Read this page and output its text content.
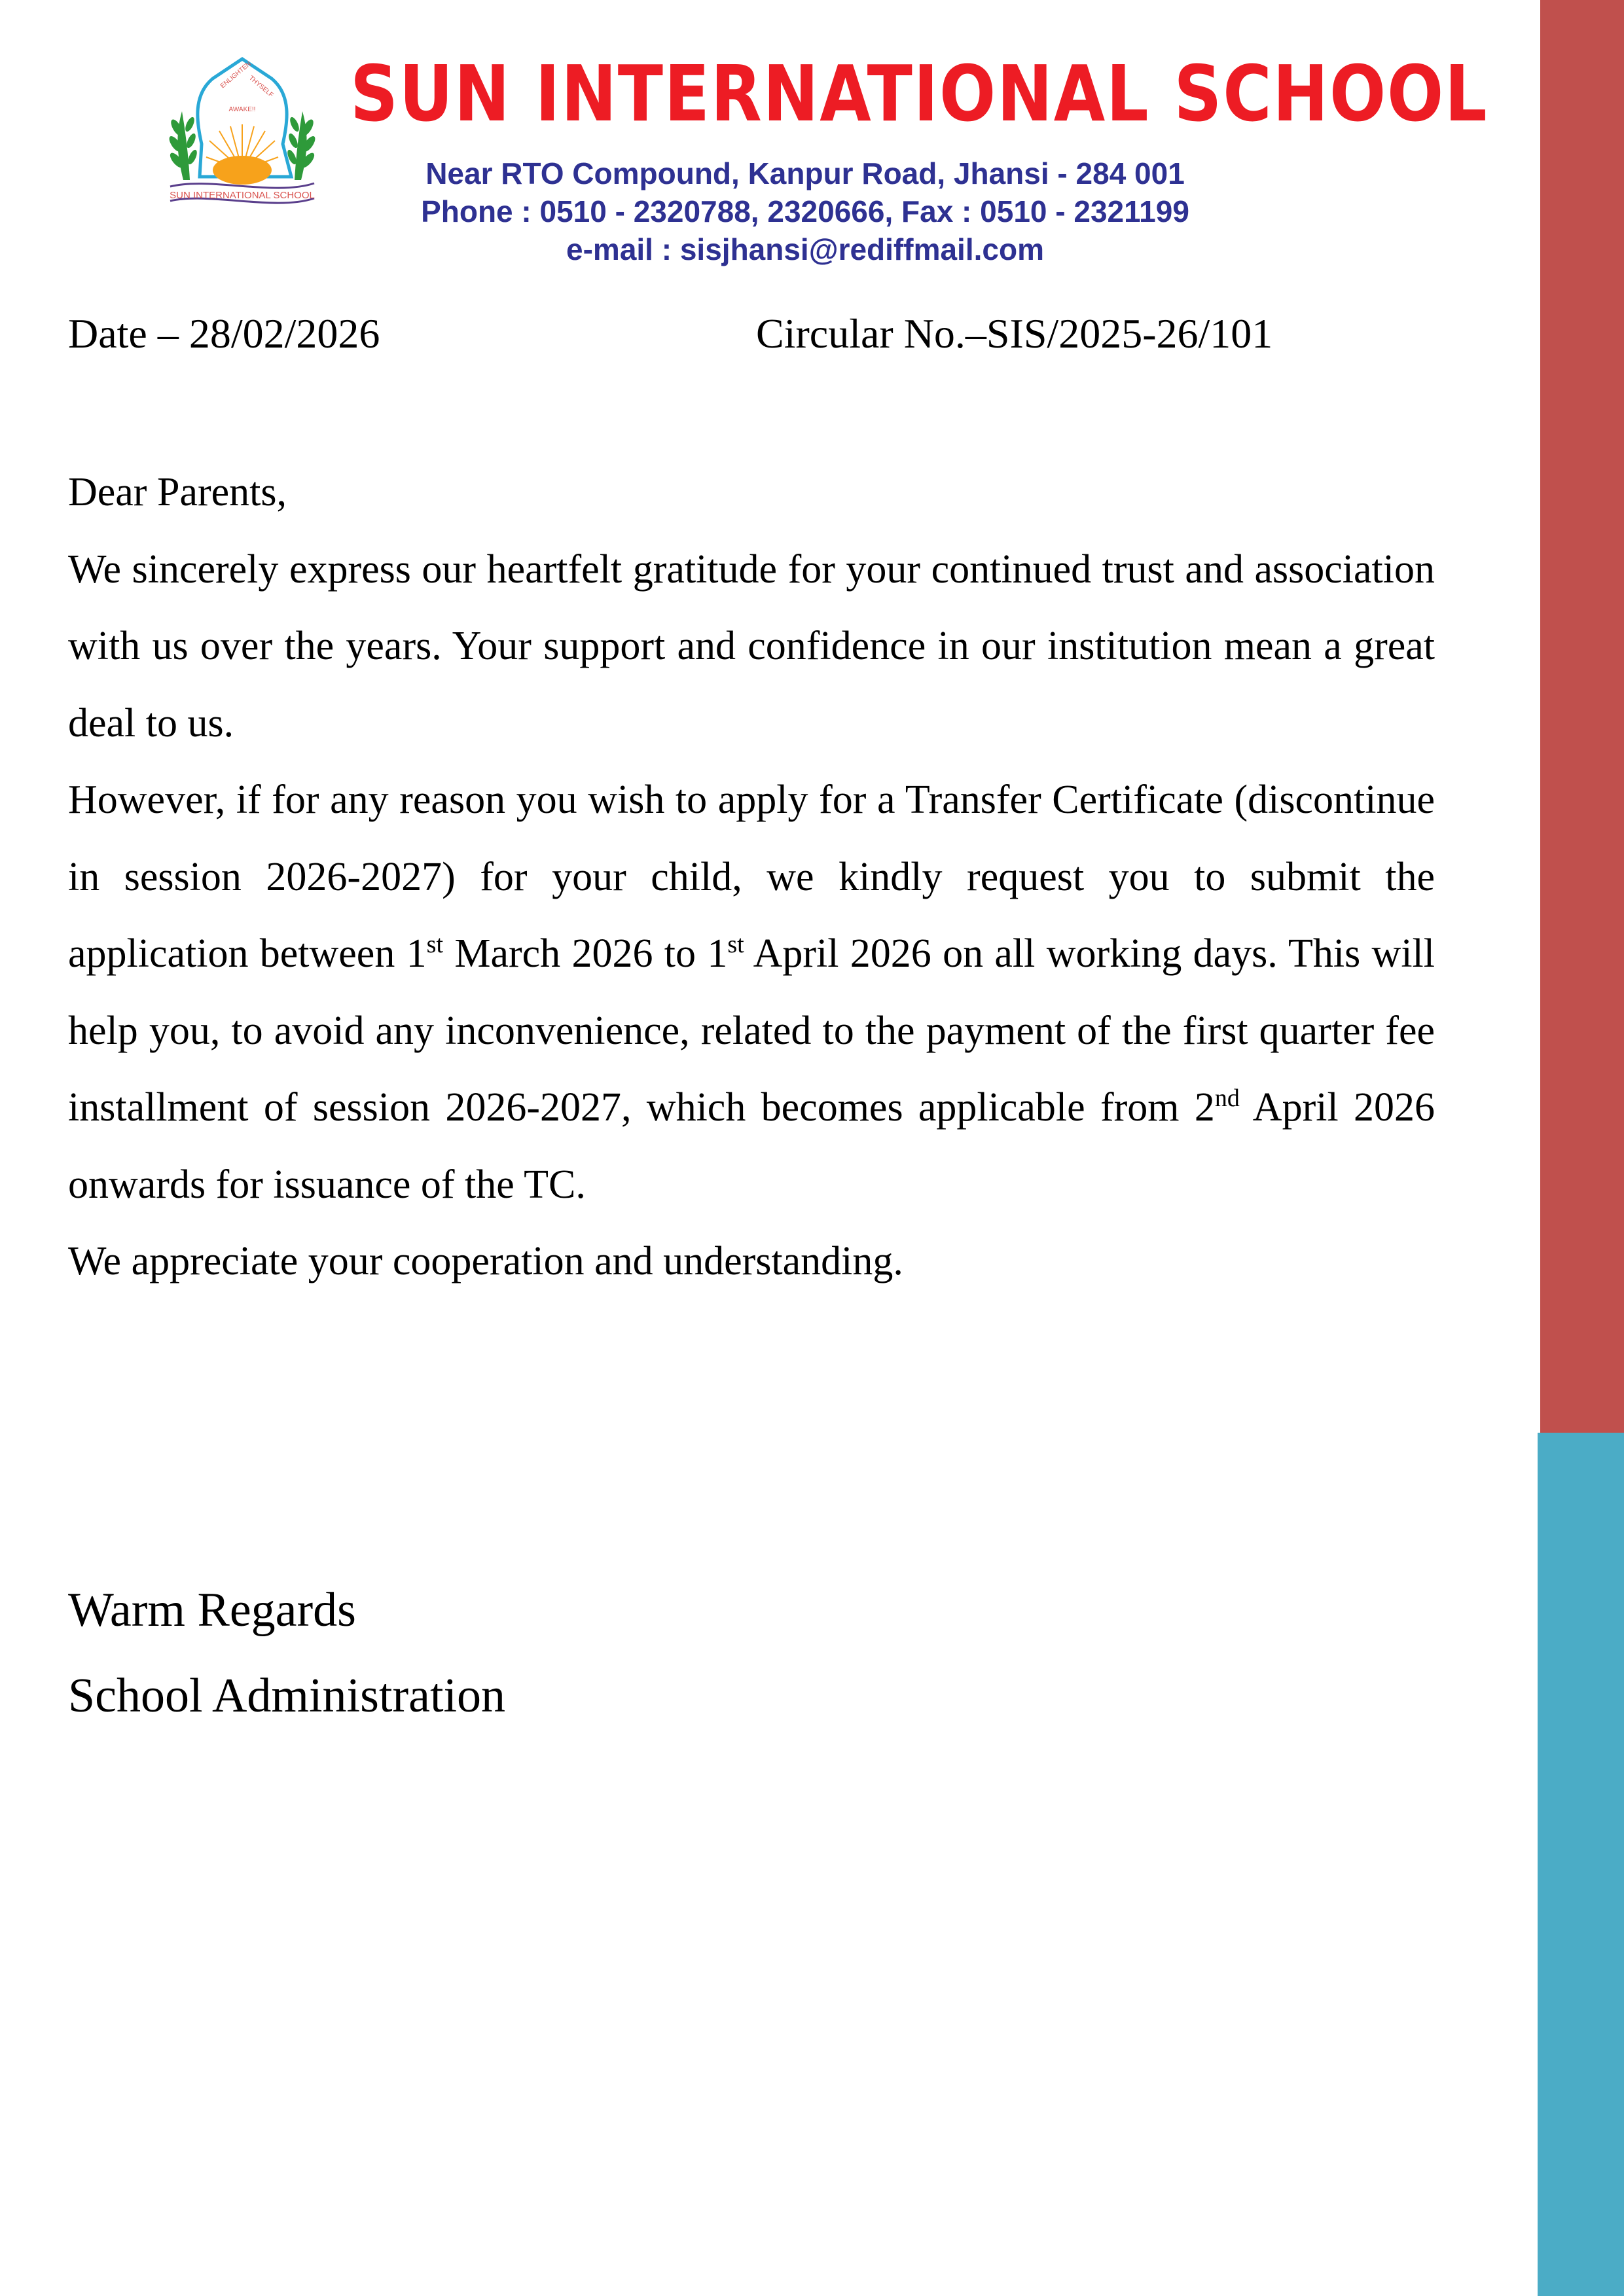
AWAKE!!
ENLIGHTEN
THYSELF
SUN INTERNATIONAL SCHOOL
SUN INTERNATIONAL SCHOOL
Near RTO Compound, Kanpur Road, Jhansi - 284 001
Phone : 0510 - 2320788, 2320666, Fax : 0510 - 2321199
e-mail : sisjhansi@rediffmail.com
Date – 28/02/2026	Circular No.–SIS/2025-26/101

Dear Parents,

We sincerely express our heartfelt gratitude for your continued trust and association with us over the years. Your support and confidence in our institution mean a great deal to us.

However, if for any reason you wish to apply for a Transfer Certificate (discontinue in session 2026-2027) for your child, we kindly request you to submit the application between 1st March 2026 to 1st April 2026 on all working days. This will help you, to avoid any inconvenience, related to the payment of the first quarter fee installment of session 2026-2027, which becomes applicable from 2nd April 2026 onwards for issuance of the TC.

We appreciate your cooperation and understanding.

Warm Regards
School Administration
